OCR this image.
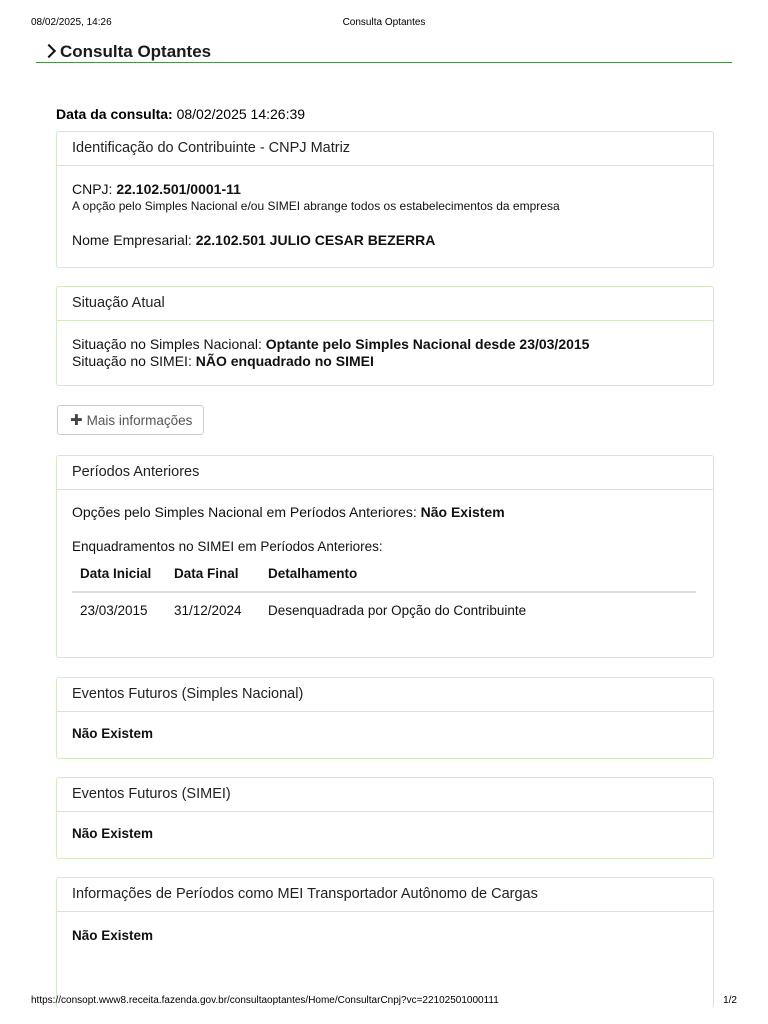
08/02/2025, 14:26	Consulta Optantes
Consulta Optantes
Data da consulta: 08/02/2025 14:26:39
Identificação do Contribuinte - CNPJ Matriz
CNPJ: 22.102.501/0001-11
A opção pelo Simples Nacional e/ou SIMEI abrange todos os estabelecimentos da empresa
Nome Empresarial: 22.102.501 JULIO CESAR BEZERRA
Situação Atual
Situação no Simples Nacional: Optante pelo Simples Nacional desde 23/03/2015
Situação no SIMEI: NÃO enquadrado no SIMEI
✚ Mais informações
Períodos Anteriores
Opções pelo Simples Nacional em Períodos Anteriores: Não Existem
Enquadramentos no SIMEI em Períodos Anteriores:
Data Inicial	Data Final	Detalhamento
23/03/2015	31/12/2024	Desenquadrada por Opção do Contribuinte
Eventos Futuros (Simples Nacional)
Não Existem
Eventos Futuros (SIMEI)
Não Existem
Informações de Períodos como MEI Transportador Autônomo de Cargas
Não Existem
https://consopt.www8.receita.fazenda.gov.br/consultaoptantes/Home/ConsultarCnpj?vc=22102501000111	1/2
